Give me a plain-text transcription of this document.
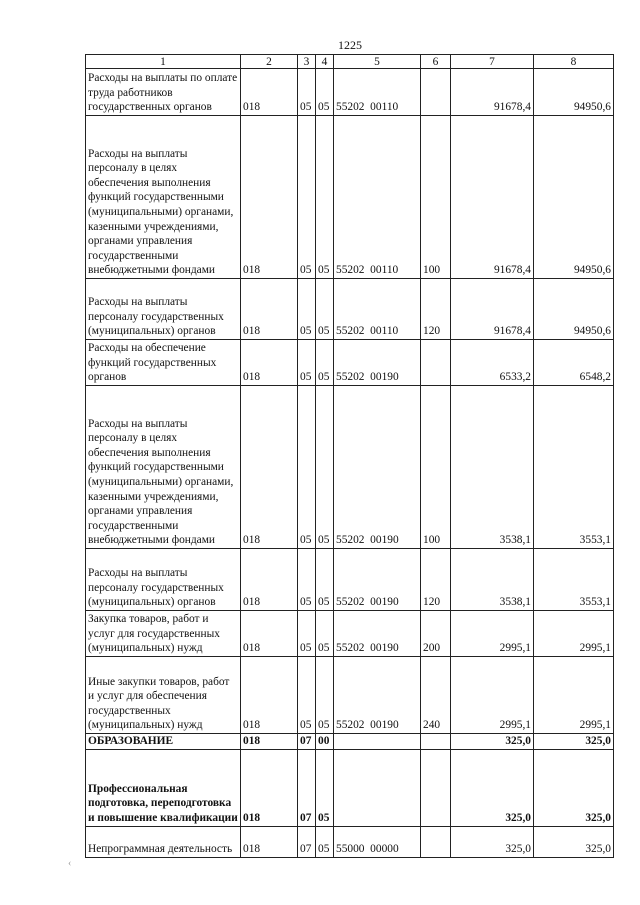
1225
1	2	3	4	5	6	7	8
Расходы на выплаты по оплате труда работников государственных органов	018	05	05	55202  00110		91678,4	94950,6
Расходы на выплаты персоналу в целях обеспечения выполнения функций государственными (муниципальными) органами, казенными учреждениями, органами управления государственными внебюджетными фондами	018	05	05	55202  00110	100	91678,4	94950,6
Расходы на выплаты персоналу государственных (муниципальных) органов	018	05	05	55202  00110	120	91678,4	94950,6
Расходы на обеспечение функций государственных органов	018	05	05	55202  00190		6533,2	6548,2
Расходы на выплаты персоналу в целях обеспечения выполнения функций государственными (муниципальными) органами, казенными учреждениями, органами управления государственными внебюджетными фондами	018	05	05	55202  00190	100	3538,1	3553,1
Расходы на выплаты персоналу государственных (муниципальных) органов	018	05	05	55202  00190	120	3538,1	3553,1
Закупка товаров, работ и услуг для государственных (муниципальных) нужд	018	05	05	55202  00190	200	2995,1	2995,1
Иные закупки товаров, работ и услуг для обеспечения государственных (муниципальных) нужд	018	05	05	55202  00190	240	2995,1	2995,1
ОБРАЗОВАНИЕ	018	07	00			325,0	325,0
Профессиональная подготовка, переподготовка и повышение квалификации	018	07	05			325,0	325,0
Непрограммная деятельность	018	07	05	55000  00000		325,0	325,0
‹
